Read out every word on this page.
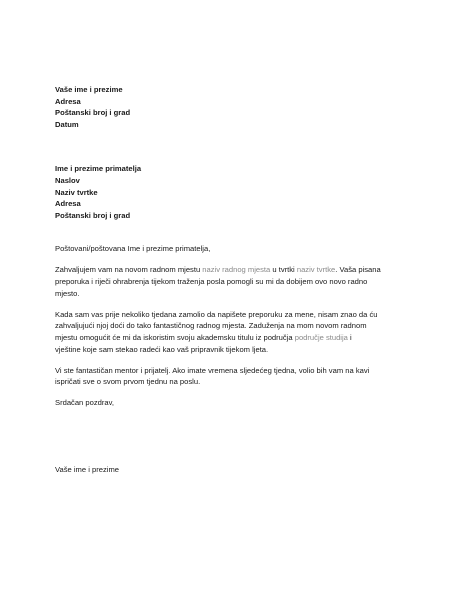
Vaše ime i prezime
Adresa
Poštanski broj i grad
Datum
Ime i prezime primatelja
Naslov
Naziv tvrtke
Adresa
Poštanski broj i grad

Poštovani/poštovana Ime i prezime primatelja,

Zahvaljujem vam na novom radnom mjestu naziv radnog mjesta u tvrtki naziv tvrtke. Vaša pisana
preporuka i riječi ohrabrenja tijekom traženja posla pomogli su mi da dobijem ovo novo radno
mjesto.

Kada sam vas prije nekoliko tjedana zamolio da napišete preporuku za mene, nisam znao da ću
zahvaljujući njoj doći do tako fantastičnog radnog mjesta. Zaduženja na mom novom radnom
mjestu omogućit će mi da iskoristim svoju akademsku titulu iz područja područje studija i
vještine koje sam stekao radeći kao vaš pripravnik tijekom ljeta.

Vi ste fantastičan mentor i prijatelj. Ako imate vremena sljedećeg tjedna, volio bih vam na kavi
ispričati sve o svom prvom tjednu na poslu.

Srdačan pozdrav,

Vaše ime i prezime
